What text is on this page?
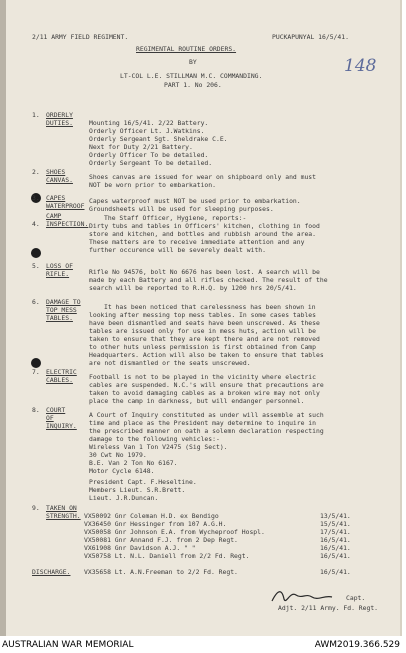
2/11 ARMY FIELD REGIMENT.	PUCKAPUNYAL 16/5/41.
148
REGIMENTAL ROUTINE ORDERS.
BY
LT-COL L.E. STILLMAN M.C. COMMANDING.
PART 1. No 206.
1. ORDERLY
DUTIES.	Mounting 16/5/41. 2/22 Battery.
Orderly Officer Lt. J.Watkins.
Orderly Sergeant Sgt. Sheldrake C.E.
Next for Duty 2/21 Battery.
Orderly Officer To be detailed.
Orderly Sergeant To be detailed.
2. SHOES
CANVAS.	Shoes canvas are issued for wear on shipboard only and must
NOT be worn prior to embarkation.
3. CAPES
WATERPROOF
Capes waterproof must NOT be used prior to embarkation.
Groundsheets will be used for sleeping purposes.
4.
CAMP
INSPECTION.
The Staff Officer, Hygiene, reports:-
Dirty tubs and tables in Officers' kitchen, clothing in food
store and kitchen, and bottles and rubbish around the area.
These matters are to receive immediate attention and any
further occurence will be severely dealt with.
5. LOSS OF
RIFLE.	Rifle No 94576, bolt No 6676 has been lost. A search will be
made by each Battery and all rifles checked. The result of the
search will be reported to R.H.Q. by 1200 hrs 20/5/41.
6. DAMAGE TO
TOP MESS
TABLES.
It has been noticed that carelessness has been shown in
looking after messing top mess tables. In some cases tables
have been dismantled and seats have been unscrewed. As these
tables are issued only for use in mess huts, action will be
taken to ensure that they are kept there and are not removed
to other huts unless permission is first obtained from Camp
Headquarters. Action will also be taken to ensure that tables
are not dismantled or the seats unscrewed.
7. ELECTRIC
CABLES.	Football is not to be played in the vicinity where electric
cables are suspended. N.C.'s will ensure that precautions are
taken to avoid damaging cables as a broken wire may not only
place the camp in darkness, but will endanger personnel.
8. COURT
OF
INQUIRY.
A Court of Inquiry constituted as under will assemble at such
time and place as the President may determine to inquire in
the prescribed manner on oath a solemn declaration respecting
damage to the following vehicles:-
Wireless Van 1 Ton V2475 (Sig Sect).
30 Cwt No 1979.
B.E. Van 2 Ton No 6167.
Motor Cycle 6148.
President Capt. F.Heseltine.
Members Lieut. S.R.Brett.
Lieut. J.R.Duncan.
9. TAKEN ON
STRENGTH. VX50092 Gnr Coleman H.D. ex Bendigo	13/5/41.
VX36450 Gnr Hessinger from 107 A.G.H.	15/5/41.
VX50058 Gnr Johnson E.A. from Wycheproof Hospl.	17/5/41.
VX50081 Gnr Annand F.J. from 2 Dep Regt.	16/5/41.
VX61908 Gnr Davidson A.J. " "	16/5/41.
VX50758 Lt. N.L. Daniell from 2/2 Fd. Regt.	16/5/41.
DISCHARGE. VX35658 Lt. A.N.Freeman to 2/2 Fd. Regt.	16/5/41.
Capt.
Adjt. 2/11 Army. Fd. Regt.
AUSTRALIAN WAR MEMORIAL	AWM2019.366.529
